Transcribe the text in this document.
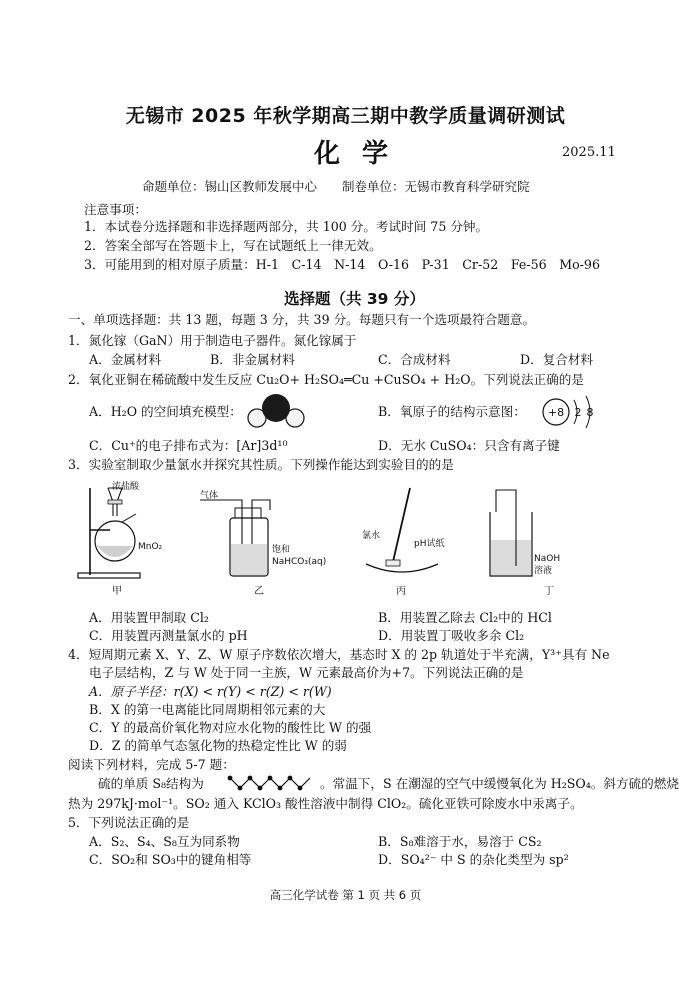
无锡市 2025 年秋学期高三期中教学质量调研测试
化学	2025.11
命题单位：锡山区教师发展中心　　制卷单位：无锡市教育科学研究院
注意事项：
1．本试卷分选择题和非选择题两部分，共 100 分。考试时间 75 分钟。
2．答案全部写在答题卡上，写在试题纸上一律无效。
3．可能用到的相对原子质量：H-1　C-14　N-14　O-16　P-31　Cr-52　Fe-56　Mo-96
选择题（共 39 分）
一、单项选择题：共 13 题，每题 3 分，共 39 分。每题只有一个选项最符合题意。
1．氮化镓（GaN）用于制造电子器件。氮化镓属于
A．金属材料	B．非金属材料	C．合成材料	D．复合材料
2．氧化亚铜在稀硫酸中发生反应 Cu₂O+ H₂SO₄═Cu +CuSO₄ + H₂O。下列说法正确的是
A．H₂O 的空间填充模型：	B．氧原子的结构示意图： +8 2 8
C．Cu⁺的电子排布式为：[Ar]3d¹⁰	D．无水 CuSO₄：只含有离子键
3．实验室制取少量氯水并探究其性质。下列操作能达到实验目的的是
浓盐酸
MnO₂
甲
气体
饱和
NaHCO₃(aq)
乙
氯水
pH试纸
丙
NaOH
溶液
丁
A．用装置甲制取 Cl₂	B．用装置乙除去 Cl₂中的 HCl
C．用装置丙测量氯水的 pH	D．用装置丁吸收多余 Cl₂
4．短周期元素 X、Y、Z、W 原子序数依次增大，基态时 X 的 2p 轨道处于半充满，Y³⁺具有 Ne
电子层结构，Z 与 W 处于同一主族，W 元素最高价为+7。下列说法正确的是
A．原子半径：r(X) < r(Y) < r(Z) < r(W)
B．X 的第一电离能比同周期相邻元素的大
C．Y 的最高价氧化物对应水化物的酸性比 W 的强
D．Z 的简单气态氢化物的热稳定性比 W 的弱
阅读下列材料，完成 5-7 题：
硫的单质 S₈结构为	。常温下，S 在潮湿的空气中缓慢氧化为 H₂SO₄。斜方硫的燃烧
热为 297kJ·mol⁻¹。SO₂ 通入 KClO₃ 酸性溶液中制得 ClO₂。硫化亚铁可除废水中汞离子。
5．下列说法正确的是
A．S₂、S₄、S₈互为同系物	B．S₈难溶于水，易溶于 CS₂
C．SO₂和 SO₃中的键角相等	D．SO₄²⁻ 中 S 的杂化类型为 sp²
高三化学试卷 第 1 页 共 6 页
